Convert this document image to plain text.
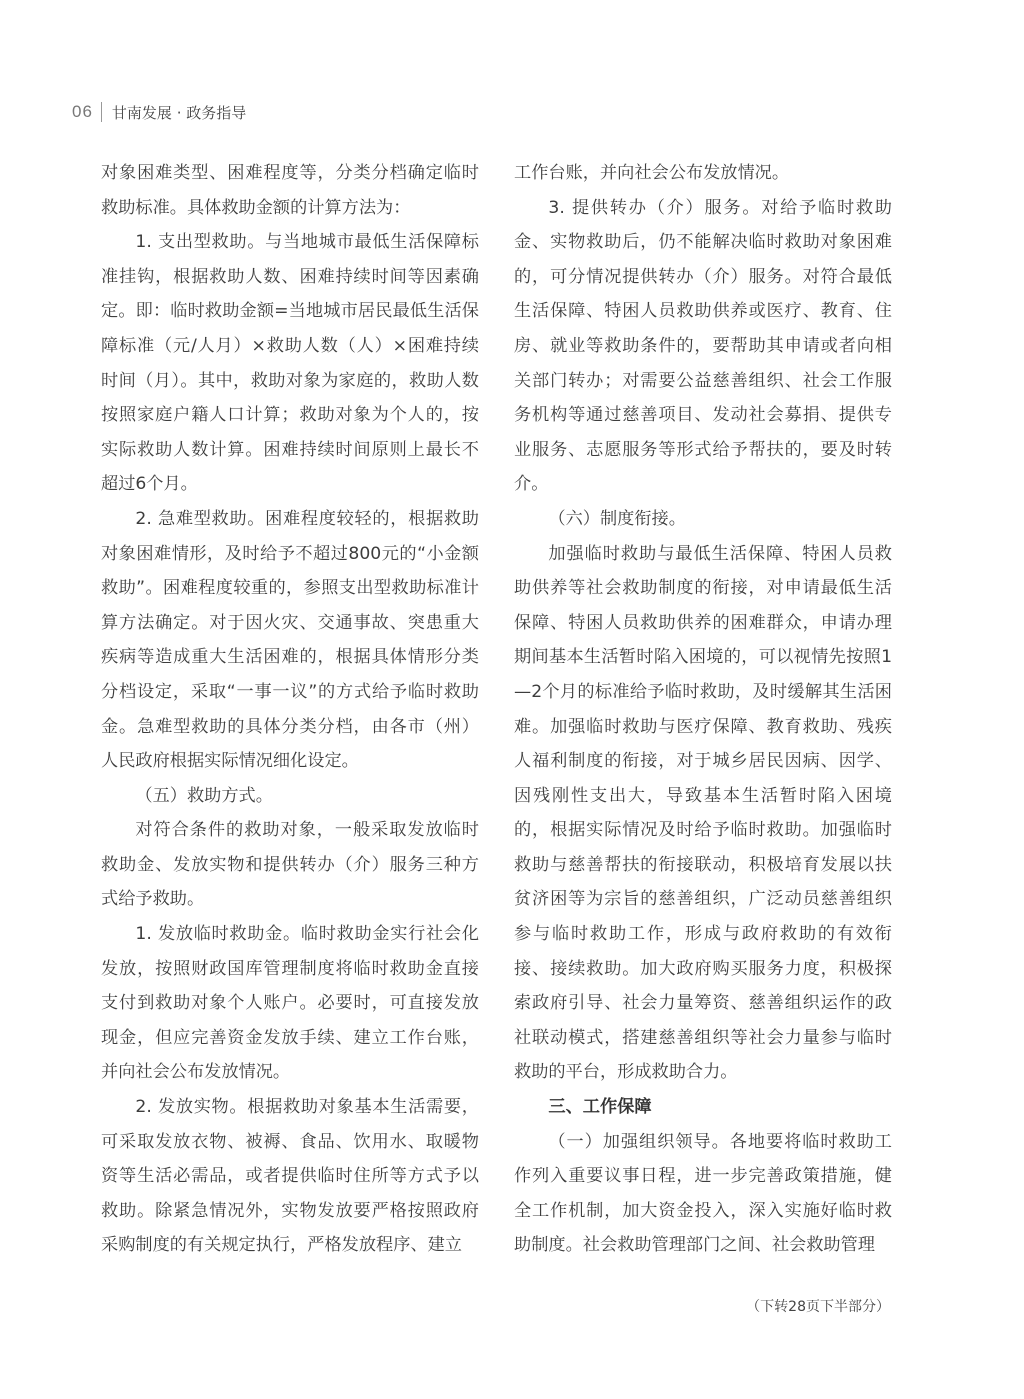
06 甘南发展 · 政务指导

对象困难类型、困难程度等，分类分档确定临时救助标准。具体救助金额的计算方法为：

1. 支出型救助。与当地城市最低生活保障标准挂钩，根据救助人数、困难持续时间等因素确定。即：临时救助金额=当地城市居民最低生活保障标准（元/人月）×救助人数（人）×困难持续时间（月）。其中，救助对象为家庭的，救助人数按照家庭户籍人口计算；救助对象为个人的，按实际救助人数计算。困难持续时间原则上最长不超过6个月。

2. 急难型救助。困难程度较轻的，根据救助对象困难情形，及时给予不超过800元的“小金额救助”。困难程度较重的，参照支出型救助标准计算方法确定。对于因火灾、交通事故、突患重大疾病等造成重大生活困难的，根据具体情形分类分档设定，采取“一事一议”的方式给予临时救助金。急难型救助的具体分类分档，由各市（州）人民政府根据实际情况细化设定。

（五）救助方式。

对符合条件的救助对象，一般采取发放临时救助金、发放实物和提供转办（介）服务三种方式给予救助。

1. 发放临时救助金。临时救助金实行社会化发放，按照财政国库管理制度将临时救助金直接支付到救助对象个人账户。必要时，可直接发放现金，但应完善资金发放手续、建立工作台账，并向社会公布发放情况。

2. 发放实物。根据救助对象基本生活需要，可采取发放衣物、被褥、食品、饮用水、取暖物资等生活必需品，或者提供临时住所等方式予以救助。除紧急情况外，实物发放要严格按照政府采购制度的有关规定执行，严格发放程序、建立

工作台账，并向社会公布发放情况。

3. 提供转办（介）服务。对给予临时救助金、实物救助后，仍不能解决临时救助对象困难的，可分情况提供转办（介）服务。对符合最低生活保障、特困人员救助供养或医疗、教育、住房、就业等救助条件的，要帮助其申请或者向相关部门转办；对需要公益慈善组织、社会工作服务机构等通过慈善项目、发动社会募捐、提供专业服务、志愿服务等形式给予帮扶的，要及时转介。

（六）制度衔接。

加强临时救助与最低生活保障、特困人员救助供养等社会救助制度的衔接，对申请最低生活保障、特困人员救助供养的困难群众，申请办理期间基本生活暂时陷入困境的，可以视情先按照1—2个月的标准给予临时救助，及时缓解其生活困难。加强临时救助与医疗保障、教育救助、残疾人福利制度的衔接，对于城乡居民因病、因学、因残刚性支出大，导致基本生活暂时陷入困境的，根据实际情况及时给予临时救助。加强临时救助与慈善帮扶的衔接联动，积极培育发展以扶贫济困等为宗旨的慈善组织，广泛动员慈善组织参与临时救助工作，形成与政府救助的有效衔接、接续救助。加大政府购买服务力度，积极探索政府引导、社会力量筹资、慈善组织运作的政社联动模式，搭建慈善组织等社会力量参与临时救助的平台，形成救助合力。

三、工作保障

（一）加强组织领导。各地要将临时救助工作列入重要议事日程，进一步完善政策措施，健全工作机制，加大资金投入，深入实施好临时救助制度。社会救助管理部门之间、社会救助管理

（下转28页下半部分）
